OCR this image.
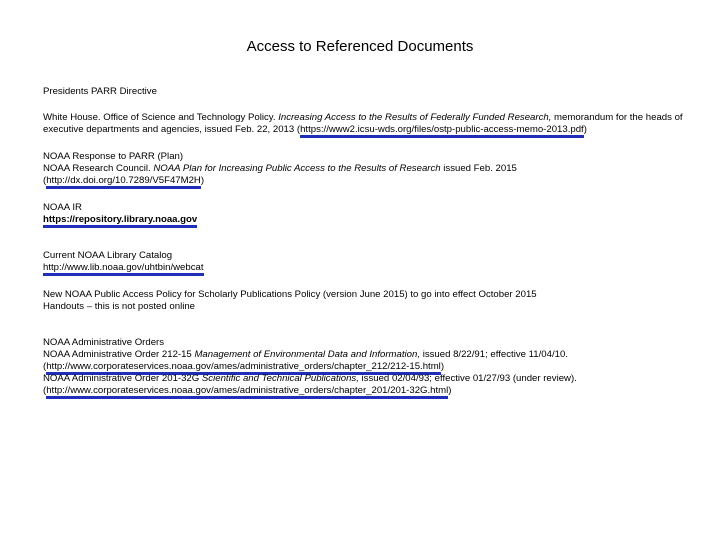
Access to Referenced Documents

Presidents PARR Directive

White House. Office of Science and Technology Policy. Increasing Access to the Results of Federally Funded Research, memorandum for the heads of executive departments and agencies, issued Feb. 22, 2013 (https://www2.icsu-wds.org/files/ostp-public-access-memo-2013.pdf)

NOAA Response to PARR (Plan)

NOAA Research Council. NOAA Plan for Increasing Public Access to the Results of Research issued Feb. 2015

(http://dx.doi.org/10.7289/V5F47M2H)

NOAA IR

https://repository.library.noaa.gov

Current NOAA Library Catalog

http://www.lib.noaa.gov/uhtbin/webcat

New NOAA Public Access Policy for Scholarly Publications Policy (version June 2015) to go into effect October 2015

Handouts – this is not posted online

NOAA Administrative Orders

NOAA Administrative Order 212-15 Management of Environmental Data and Information, issued 8/22/91; effective 11/04/10.

(http://www.corporateservices.noaa.gov/ames/administrative_orders/chapter_212/212-15.html)

NOAA Administrative Order 201-32G Scientific and Technical Publications, issued 02/04/93; effective 01/27/93 (under review).

(http://www.corporateservices.noaa.gov/ames/administrative_orders/chapter_201/201-32G.html)
